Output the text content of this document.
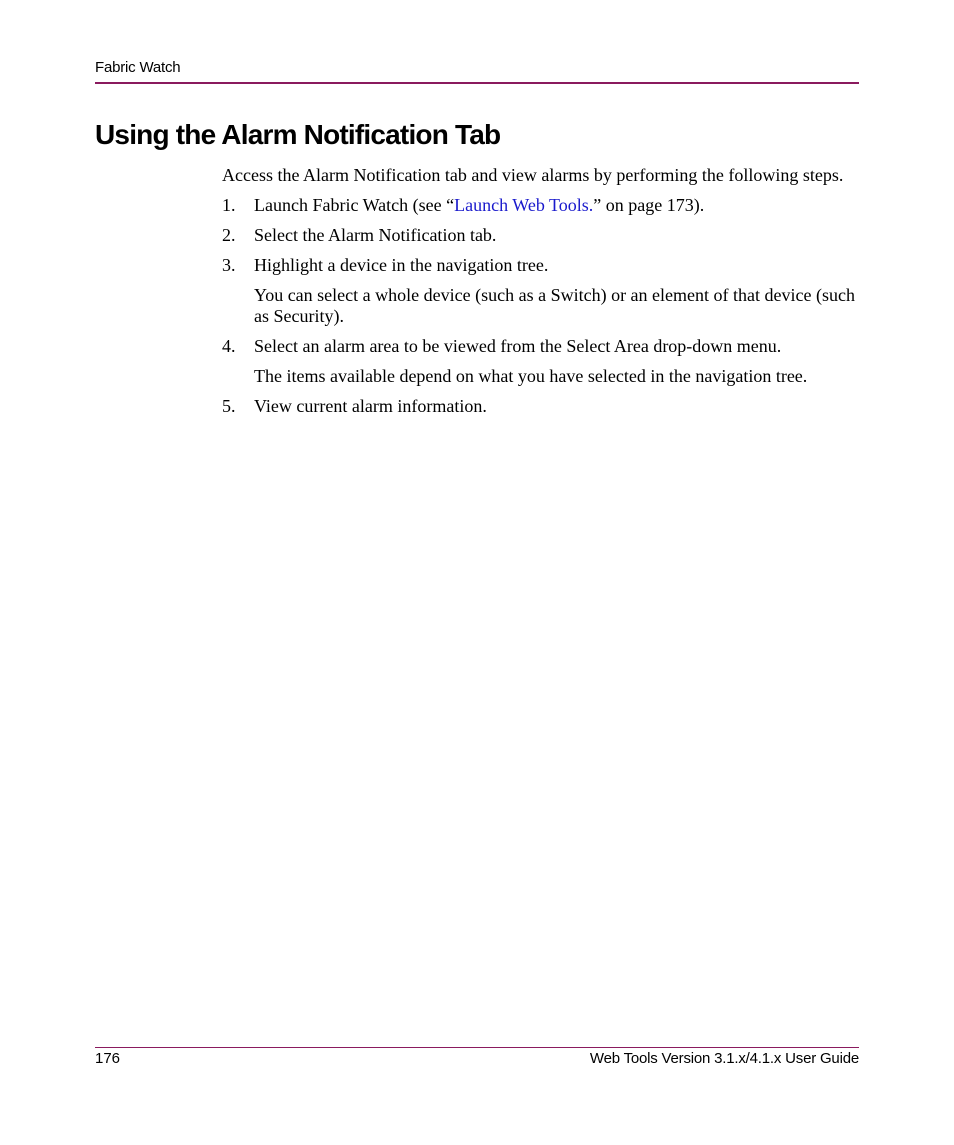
Fabric Watch
Using the Alarm Notification Tab

Access the Alarm Notification tab and view alarms by performing the following steps.

1. Launch Fabric Watch (see “Launch Web Tools.” on page 173).
2. Select the Alarm Notification tab.
3. Highlight a device in the navigation tree.
You can select a whole device (such as a Switch) or an element of that device (such as Security).
4. Select an alarm area to be viewed from the Select Area drop-down menu.
The items available depend on what you have selected in the navigation tree.
5. View current alarm information.
176	Web Tools Version 3.1.x/4.1.x User Guide
